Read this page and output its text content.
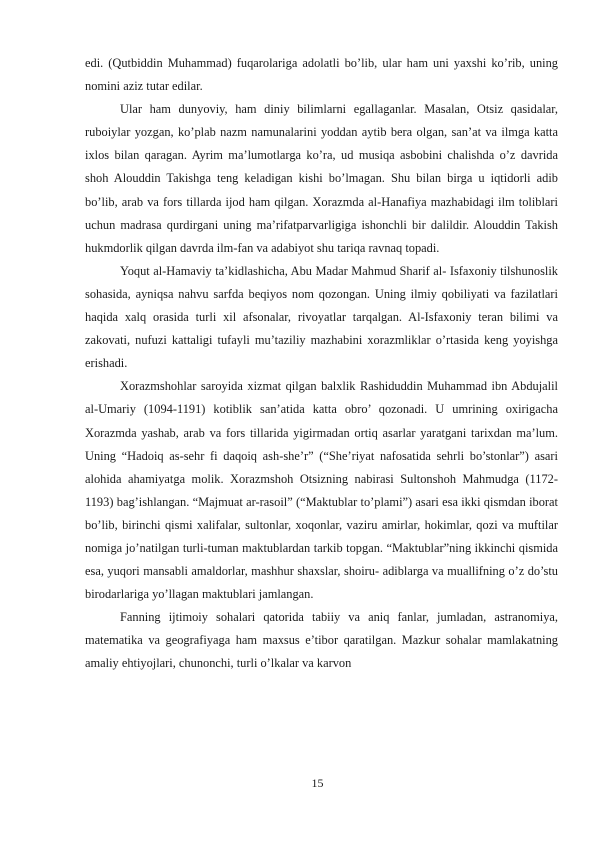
edi. (Qutbiddin Muhammad) fuqarolariga adolatli bo’lib, ular ham uni yaxshi ko’rib, uning nomini aziz tutar edilar.

Ular ham dunyoviy, ham diniy bilimlarni egallaganlar. Masalan, Otsiz qasidalar, ruboiylar yozgan, ko’plab nazm namunalarini yoddan aytib bera olgan, san’at va ilmga katta ixlos bilan qaragan. Ayrim ma’lumotlarga ko’ra, ud musiqa asbobini chalishda o’z davrida shoh Alouddin Takishga teng keladigan kishi bo’lmagan. Shu bilan birga u iqtidorli adib bo’lib, arab va fors tillarda ijod ham qilgan. Xorazmda al-Hanafiya mazhabidagi ilm toliblari uchun madrasa qurdirgani uning ma’rifatparvarligiga ishonchli bir dalildir. Alouddin Takish hukmdorlik qilgan davrda ilm-fan va adabiyot shu tariqa ravnaq topadi.

Yoqut al-Hamaviy ta’kidlashicha, Abu Madar Mahmud Sharif al- Isfaxoniy tilshunoslik sohasida, ayniqsa nahvu sarfda beqiyos nom qozongan. Uning ilmiy qobiliyati va fazilatlari haqida xalq orasida turli xil afsonalar, rivoyatlar tarqalgan. Al-Isfaxoniy teran bilimi va zakovati, nufuzi kattaligi tufayli mu’taziliy mazhabini xorazmliklar o’rtasida keng yoyishga erishadi.

Xorazmshohlar saroyida xizmat qilgan balxlik Rashiduddin Muhammad ibn Abdujalil al-Umariy (1094-1191) kotiblik san’atida katta obro’ qozonadi. U umrining oxirigacha Xorazmda yashab, arab va fors tillarida yigirmadan ortiq asarlar yaratgani tarixdan ma’lum. Uning “Hadoiq as-sehr fi daqoiq ash-she’r” (“She’riyat nafosatida sehrli bo’stonlar”) asari alohida ahamiyatga molik. Xorazmshoh Otsizning nabirasi Sultonshoh Mahmudga (1172-1193) bag’ishlangan. “Majmuat ar-rasoil” (“Maktublar to’plami”) asari esa ikki qismdan iborat bo’lib, birinchi qismi xalifalar, sultonlar, xoqonlar, vaziru amirlar, hokimlar, qozi va muftilar nomiga jo’natilgan turli-tuman maktublardan tarkib topgan. “Maktublar”ning ikkinchi qismida esa, yuqori mansabli amaldorlar, mashhur shaxslar, shoiru- adiblarga va muallifning o’z do’stu birodarlariga yo’llagan maktublari jamlangan.

Fanning ijtimoiy sohalari qatorida tabiiy va aniq fanlar, jumladan, astranomiya, matematika va geografiyaga ham maxsus e’tibor qaratilgan. Mazkur sohalar mamlakatning amaliy ehtiyojlari, chunonchi, turli o’lkalar va karvon

15
